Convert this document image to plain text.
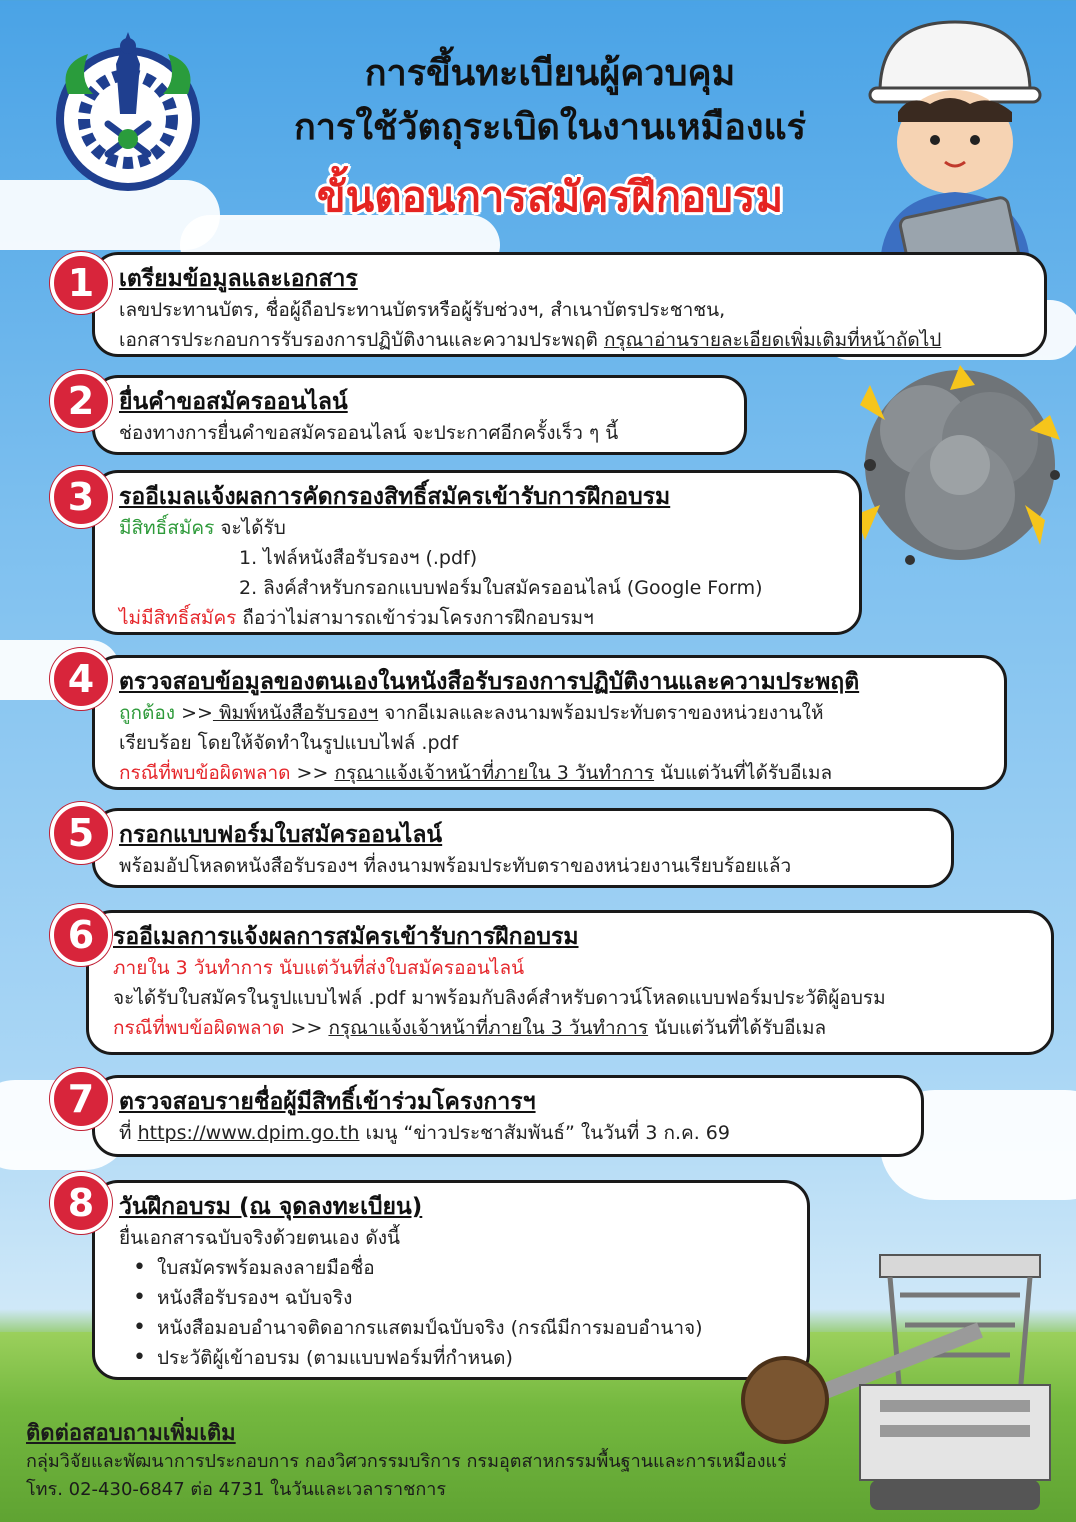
การขึ้นทะเบียนผู้ควบคุม
การใช้วัตถุระเบิดในงานเหมืองแร่
ขั้นตอนการสมัครฝึกอบรม
เตรียมข้อมูลและเอกสาร
เลขประทานบัตร, ชื่อผู้ถือประทานบัตรหรือผู้รับช่วงฯ, สำเนาบัตรประชาชน,
เอกสารประกอบการรับรองการปฏิบัติงานและความประพฤติ กรุณาอ่านรายละเอียดเพิ่มเติมที่หน้าถัดไป
1
ยื่นคำขอสมัครออนไลน์
ช่องทางการยื่นคำขอสมัครออนไลน์ จะประกาศอีกครั้งเร็ว ๆ นี้
2
รออีเมลแจ้งผลการคัดกรองสิทธิ์สมัครเข้ารับการฝึกอบรม
มีสิทธิ์สมัคร จะได้รับ
1. ไฟล์หนังสือรับรองฯ (.pdf)
2. ลิงค์สำหรับกรอกแบบฟอร์มใบสมัครออนไลน์ (Google Form)
ไม่มีสิทธิ์สมัคร ถือว่าไม่สามารถเข้าร่วมโครงการฝึกอบรมฯ
3
ตรวจสอบข้อมูลของตนเองในหนังสือรับรองการปฏิบัติงานและความประพฤติ
ถูกต้อง >> พิมพ์หนังสือรับรองฯ จากอีเมลและลงนามพร้อมประทับตราของหน่วยงานให้
เรียบร้อย โดยให้จัดทำในรูปแบบไฟล์ .pdf
กรณีที่พบข้อผิดพลาด >> กรุณาแจ้งเจ้าหน้าที่ภายใน 3 วันทำการ นับแต่วันที่ได้รับอีเมล
4
กรอกแบบฟอร์มใบสมัครออนไลน์
พร้อมอัปโหลดหนังสือรับรองฯ ที่ลงนามพร้อมประทับตราของหน่วยงานเรียบร้อยแล้ว
5
รออีเมลการแจ้งผลการสมัครเข้ารับการฝึกอบรม
ภายใน 3 วันทำการ นับแต่วันที่ส่งใบสมัครออนไลน์
จะได้รับใบสมัครในรูปแบบไฟล์ .pdf มาพร้อมกับลิงค์สำหรับดาวน์โหลดแบบฟอร์มประวัติผู้อบรม
กรณีที่พบข้อผิดพลาด >> กรุณาแจ้งเจ้าหน้าที่ภายใน 3 วันทำการ นับแต่วันที่ได้รับอีเมล
6
ตรวจสอบรายชื่อผู้มีสิทธิ์เข้าร่วมโครงการฯ
ที่ https://www.dpim.go.th เมนู “ข่าวประชาสัมพันธ์” ในวันที่ 3 ก.ค. 69
7
วันฝึกอบรม (ณ จุดลงทะเบียน)
ยื่นเอกสารฉบับจริงด้วยตนเอง ดังนี้
• ใบสมัครพร้อมลงลายมือชื่อ
• หนังสือรับรองฯ ฉบับจริง
• หนังสือมอบอำนาจติดอากรแสตมป์ฉบับจริง (กรณีมีการมอบอำนาจ)
• ประวัติผู้เข้าอบรม (ตามแบบฟอร์มที่กำหนด)
8
ติดต่อสอบถามเพิ่มเติม
กลุ่มวิจัยและพัฒนาการประกอบการ กองวิศวกรรมบริการ กรมอุตสาหกรรมพื้นฐานและการเหมืองแร่
โทร. 02-430-6847 ต่อ 4731 ในวันและเวลาราชการ
